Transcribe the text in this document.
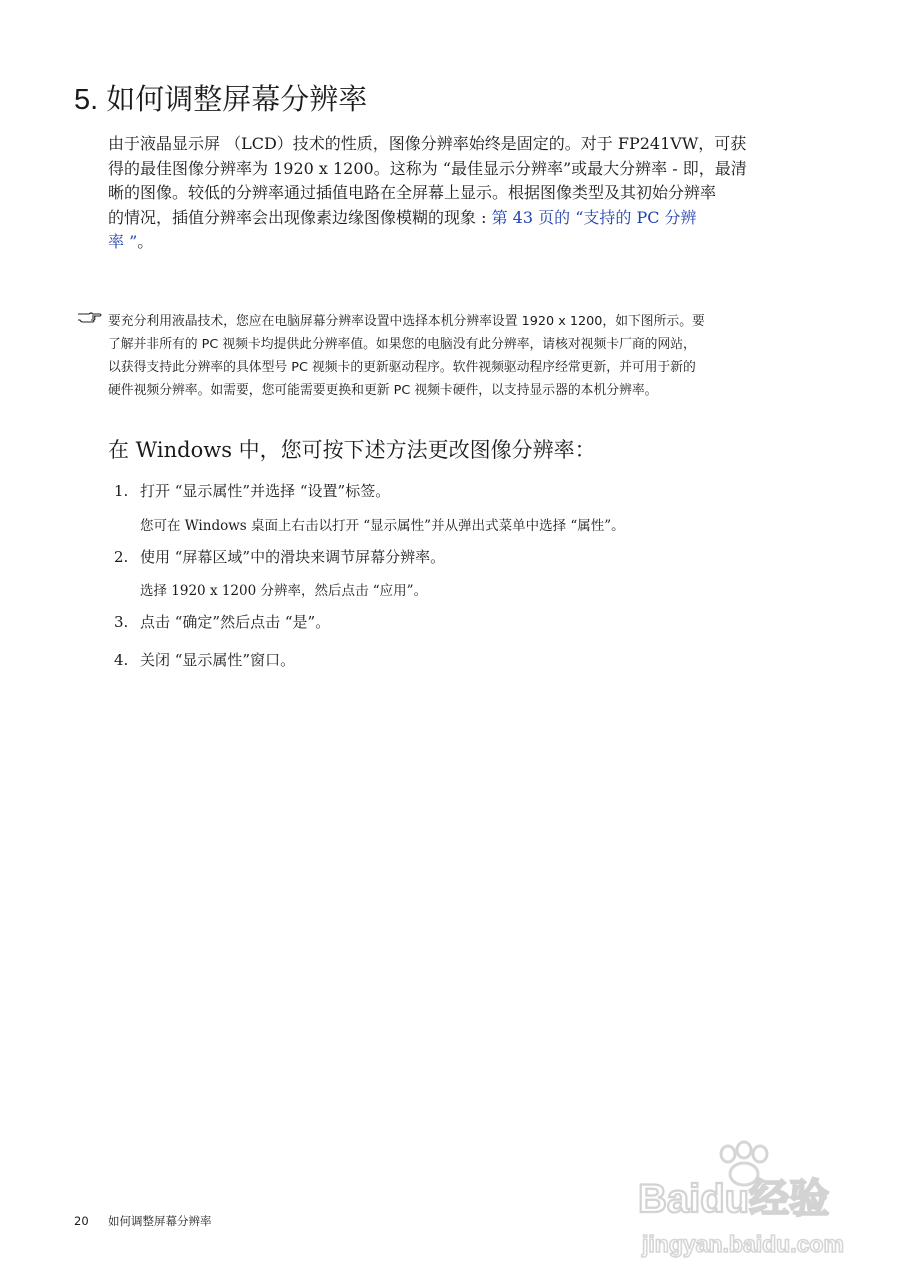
5. 如何调整屏幕分辨率
由于液晶显示屏 （LCD）技术的性质，图像分辨率始终是固定的。对于 FP241VW，可获
得的最佳图像分辨率为 1920 x 1200。这称为 “最佳显示分辨率”或最大分辨率 - 即，最清
晰的图像。较低的分辨率通过插值电路在全屏幕上显示。根据图像类型及其初始分辨率
的情况，插值分辨率会出现像素边缘图像模糊的现象 : 第 43 页的 “支持的 PC 分辨
率 ”。
要充分利用液晶技术，您应在电脑屏幕分辨率设置中选择本机分辨率设置 1920 x 1200，如下图所示。要
了解并非所有的 PC 视频卡均提供此分辨率值。如果您的电脑没有此分辨率，请核对视频卡厂商的网站，
以获得支持此分辨率的具体型号 PC 视频卡的更新驱动程序。软件视频驱动程序经常更新，并可用于新的
硬件视频分辨率。如需要，您可能需要更换和更新 PC 视频卡硬件，以支持显示器的本机分辨率。
在 Windows 中，您可按下述方法更改图像分辨率：
1. 打开 “显示属性”并选择 “设置”标签。
您可在 Windows 桌面上右击以打开 “显示属性”并从弹出式菜单中选择 “属性”。
2. 使用 “屏幕区域”中的滑块来调节屏幕分辨率。
选择 1920 x 1200 分辨率，然后点击 “应用”。
3. 点击 “确定”然后点击 “是”。
4. 关闭 “显示属性”窗口。
20 如何调整屏幕分辨率	Baidu经验
jingyan.baidu.com
